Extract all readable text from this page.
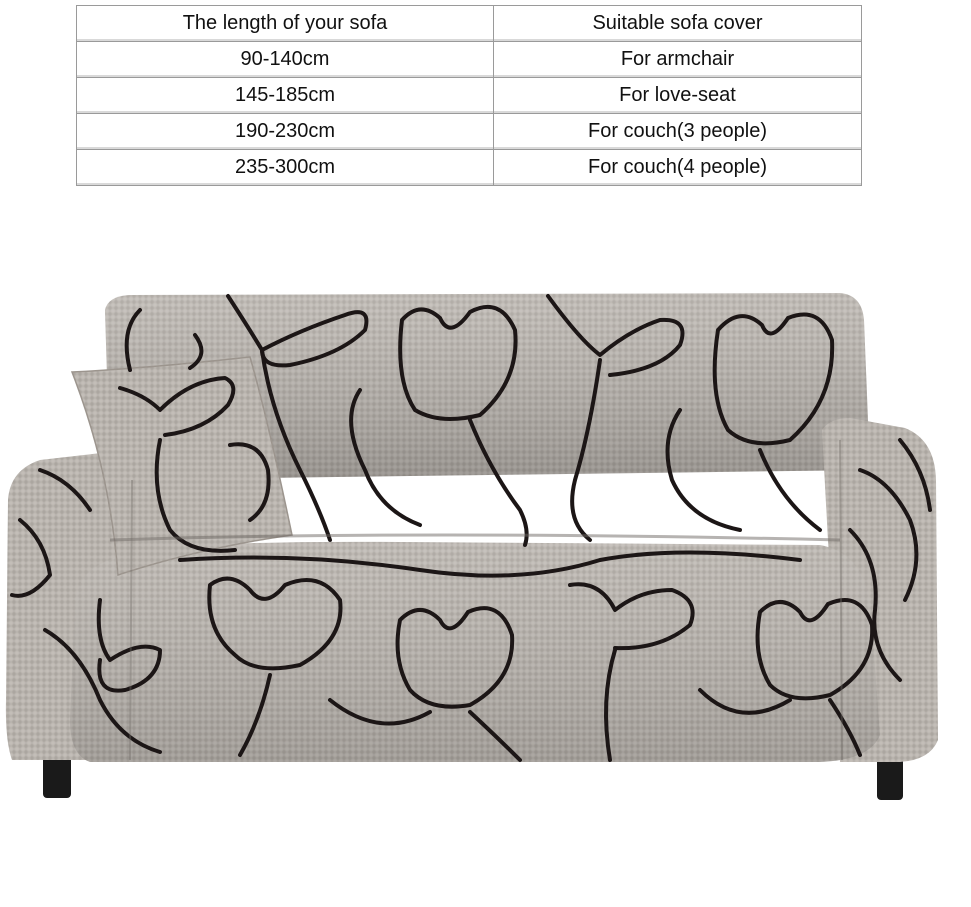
The length of your sofa	Suitable sofa cover
90-140cm	For armchair
145-185cm	For love-seat
190-230cm	For couch(3 people)
235-300cm	For couch(4 people)
